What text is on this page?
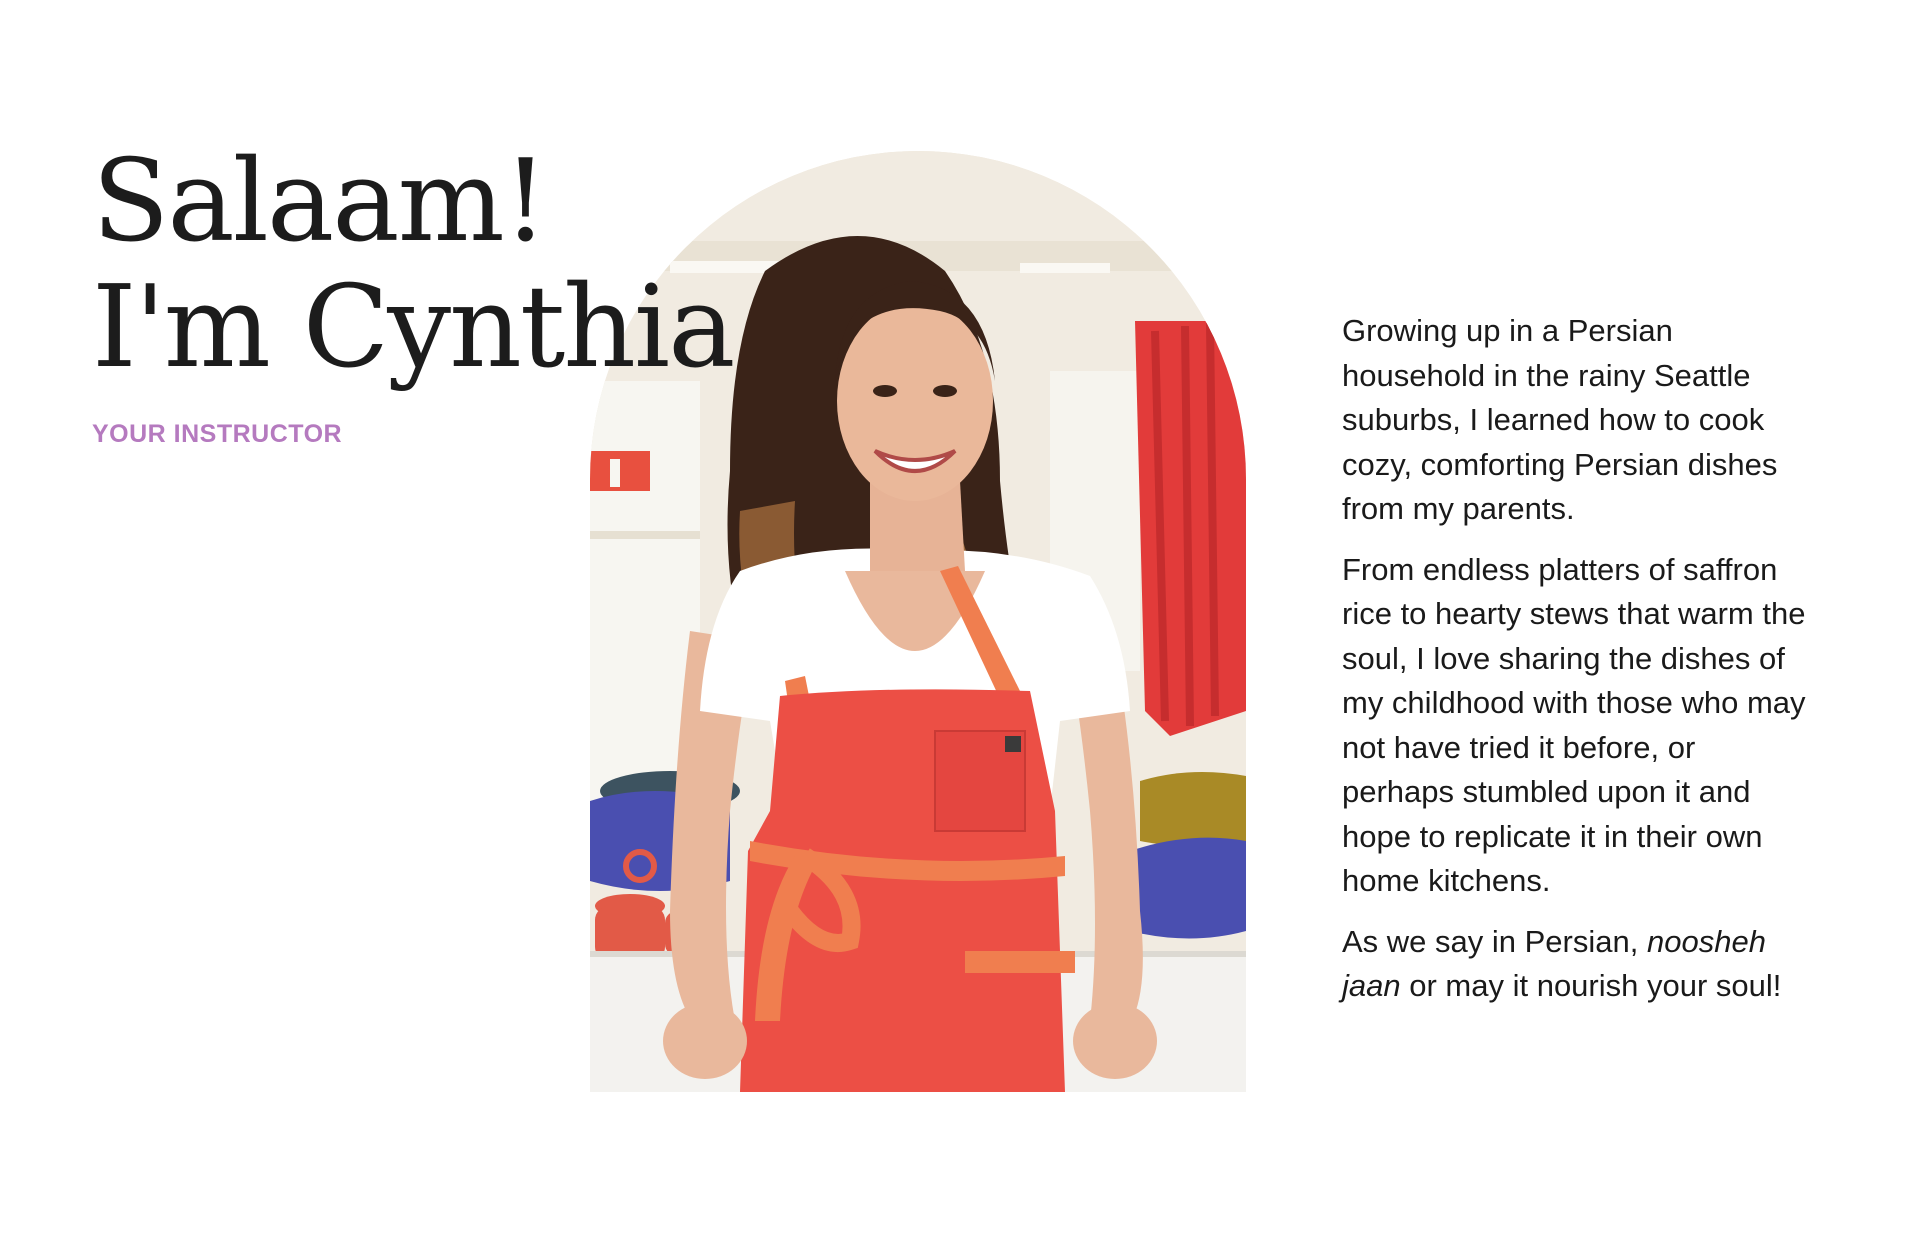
Salaam!
I'm Cynthia
YOUR INSTRUCTOR

Growing up in a Persian household in the rainy Seattle suburbs, I learned how to cook cozy, comforting Persian dishes from my parents.

From endless platters of saffron rice to hearty stews that warm the soul, I love sharing the dishes of my childhood with those who may not have tried it before, or perhaps stumbled upon it and hope to replicate it in their own home kitchens.

As we say in Persian, noosheh jaan or may it nourish your soul!
